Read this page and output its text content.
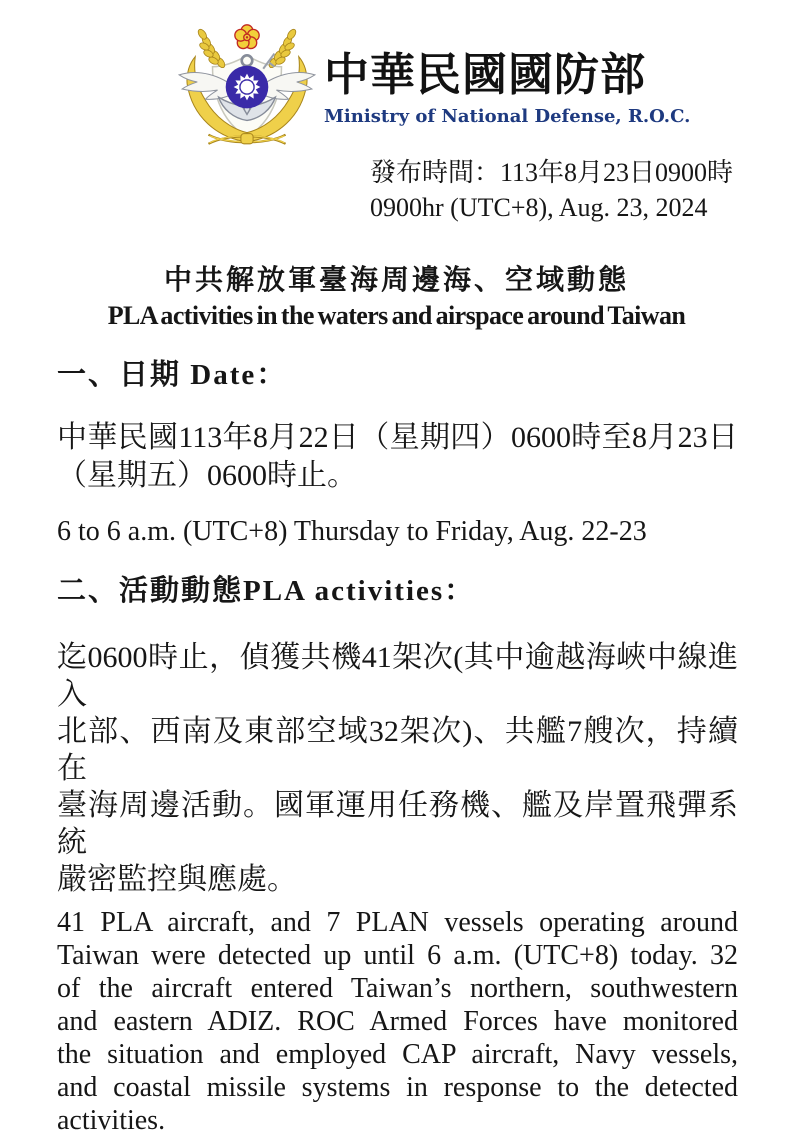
中華民國國防部
Ministry of National Defense, R.O.C.
發布時間：113年8月23日0900時
0900hr (UTC+8), Aug. 23, 2024
中共解放軍臺海周邊海、空域動態
PLA activities in the waters and airspace around Taiwan
一、日期 Date：
中華民國113年8月22日（星期四）0600時至8月23日
（星期五）0600時止。
6 to 6 a.m. (UTC+8) Thursday to Friday, Aug. 22-23
二、活動動態PLA activities：
迄0600時止，偵獲共機41架次(其中逾越海峽中線進入
北部、西南及東部空域32架次)、共艦7艘次，持續在
臺海周邊活動。國軍運用任務機、艦及岸置飛彈系統
嚴密監控與應處。
41 PLA aircraft, and 7 PLAN vessels operating around
Taiwan were detected up until 6 a.m. (UTC+8) today. 32
of the aircraft entered Taiwan’s northern, southwestern
and eastern ADIZ. ROC Armed Forces have monitored
the situation and employed CAP aircraft, Navy vessels,
and coastal missile systems in response to the detected
activities.
